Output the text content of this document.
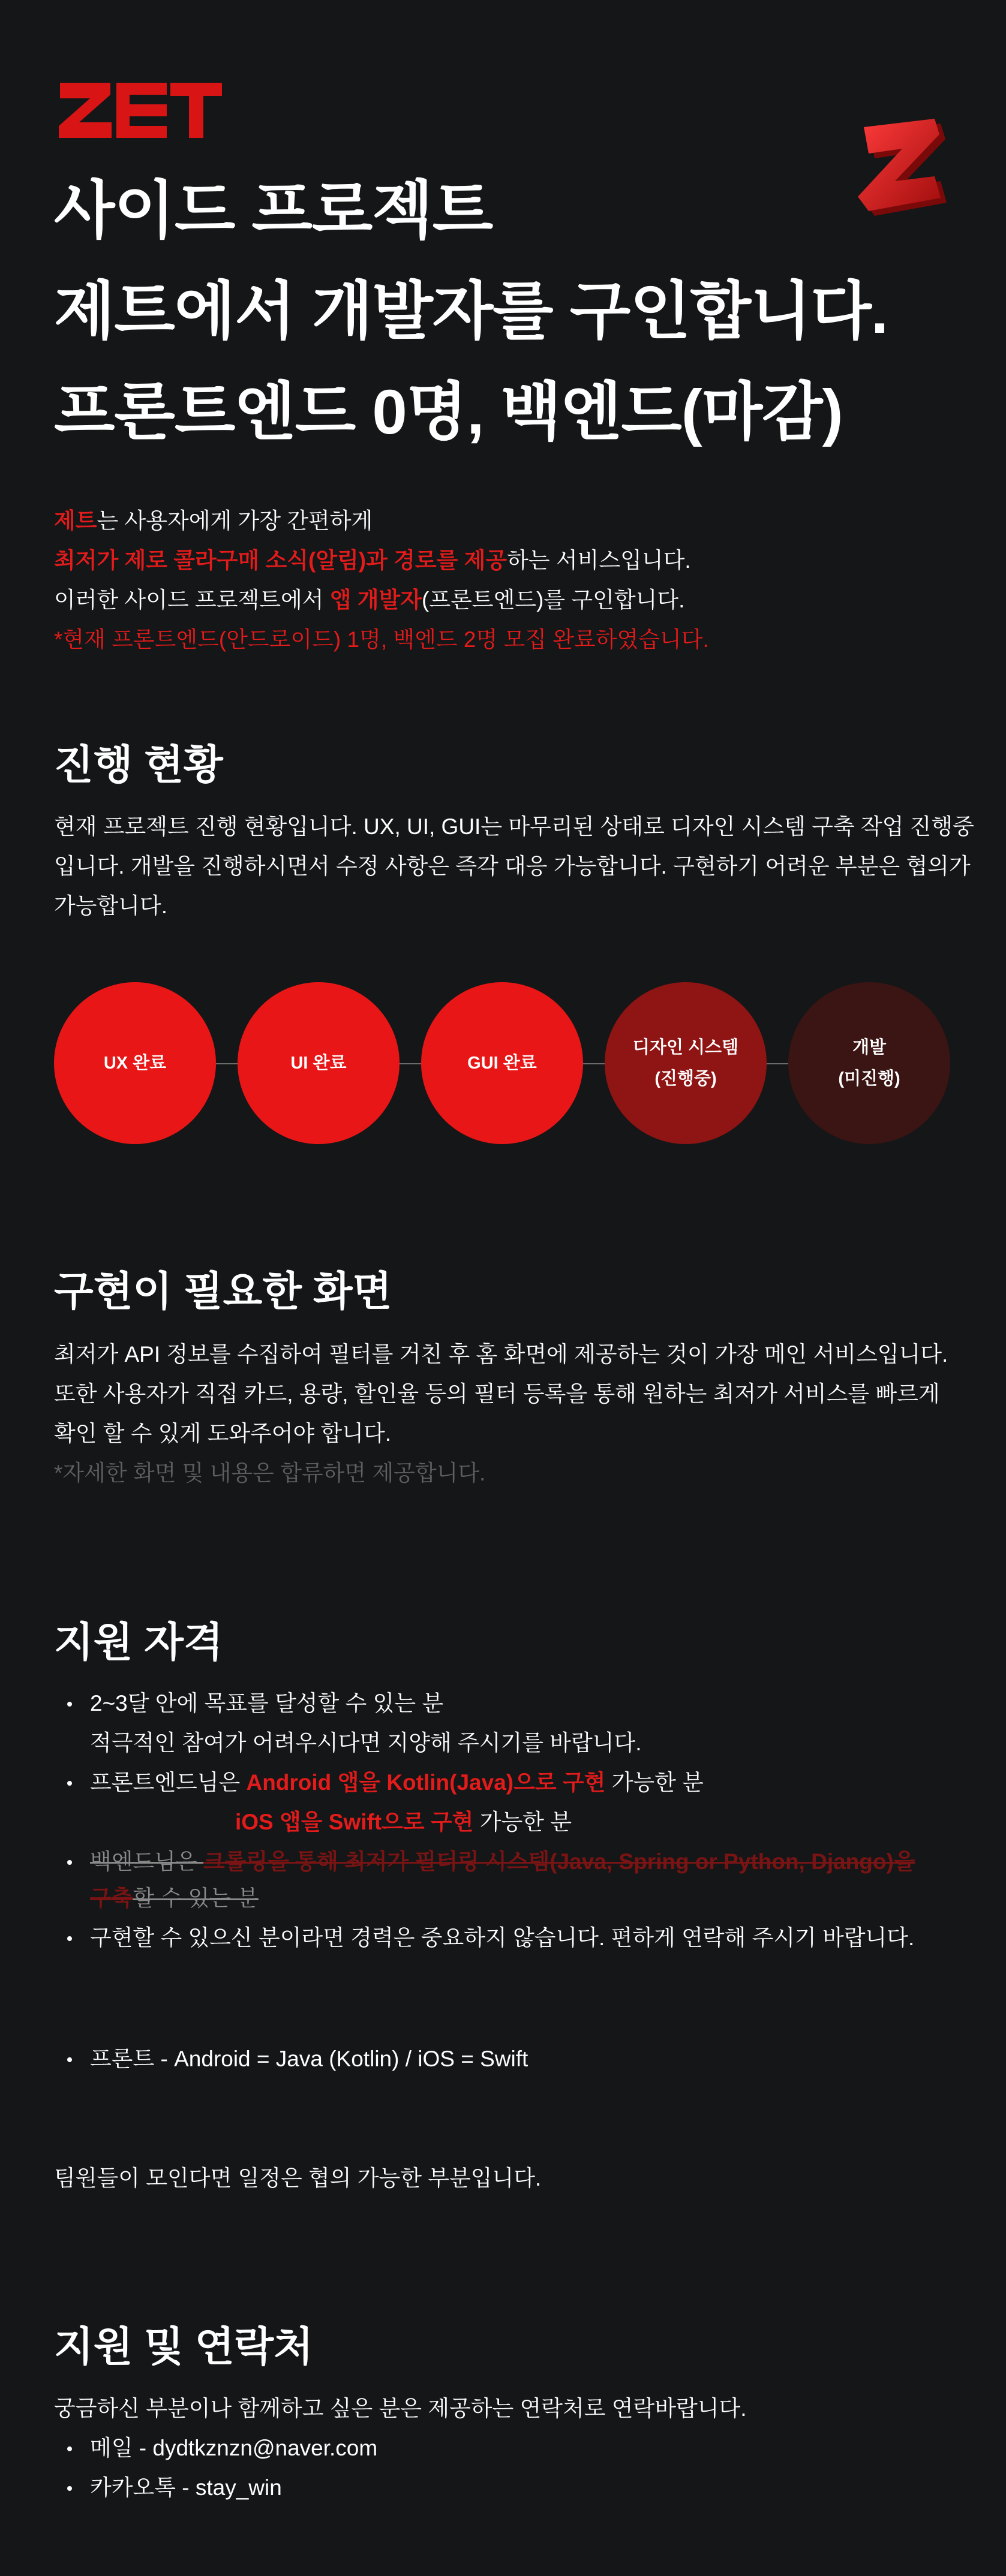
사이드 프로젝트
제트에서 개발자를 구인합니다.
프론트엔드 0명, 백엔드(마감)
제트는 사용자에게 가장 간편하게
최저가 제로 콜라구매 소식(알림)과 경로를 제공하는 서비스입니다.
이러한 사이드 프로젝트에서 앱 개발자(프론트엔드)를 구인합니다.
*현재 프론트엔드(안드로이드) 1명, 백엔드 2명 모집 완료하였습니다.
진행 현황
현재 프로젝트 진행 현황입니다. UX, UI, GUI는 마무리된 상태로 디자인 시스템 구축 작업 진행중
입니다. 개발을 진행하시면서 수정 사항은 즉각 대응 가능합니다. 구현하기 어려운 부분은 협의가
가능합니다.
UX 완료	UI 완료	GUI 완료
디자인 시스템
(진행중)
개발
(미진행)
구현이 필요한 화면
최저가 API 정보를 수집하여 필터를 거친 후 홈 화면에 제공하는 것이 가장 메인 서비스입니다.
또한 사용자가 직접 카드, 용량, 할인율 등의 필터 등록을 통해 원하는 최저가 서비스를 빠르게
확인 할 수 있게 도와주어야 합니다.
*자세한 화면 및 내용은 합류하면 제공합니다.
지원 자격
2~3달 안에 목표를 달성할 수 있는 분
적극적인 참여가 어려우시다면 지양해 주시기를 바랍니다.
프론트엔드님은 Android 앱을 Kotlin(Java)으로 구현 가능한 분
iOS 앱을 Swift으로 구현 가능한 분
백엔드님은 크롤링을 통해 최저가 필터링 시스템(Java, Spring or Python, Django)을
구축할 수 있는 분
구현할 수 있으신 분이라면 경력은 중요하지 않습니다. 편하게 연락해 주시기 바랍니다.
프론트 - Android = Java (Kotlin) / iOS = Swift
팀원들이 모인다면 일정은 협의 가능한 부분입니다.
지원 및 연락처
궁금하신 부분이나 함께하고 싶은 분은 제공하는 연락처로 연락바랍니다.
메일 - dydtkznzn@naver.com
카카오톡 - stay_win
